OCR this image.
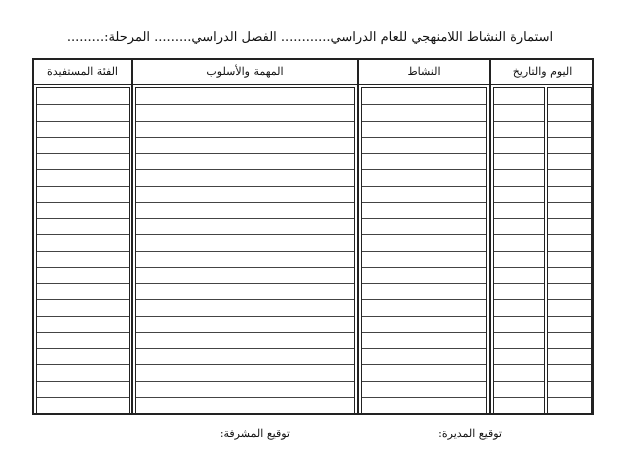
استمارة النشاط اللامنهجي للعام الدراسي............ الفصل الدراسي......... المرحلة:.........
اليوم والتاريخ
النشاط
المهمة والأسلوب
الفئة المستفيدة
توقيع المديرة:
توقيع المشرفة:
